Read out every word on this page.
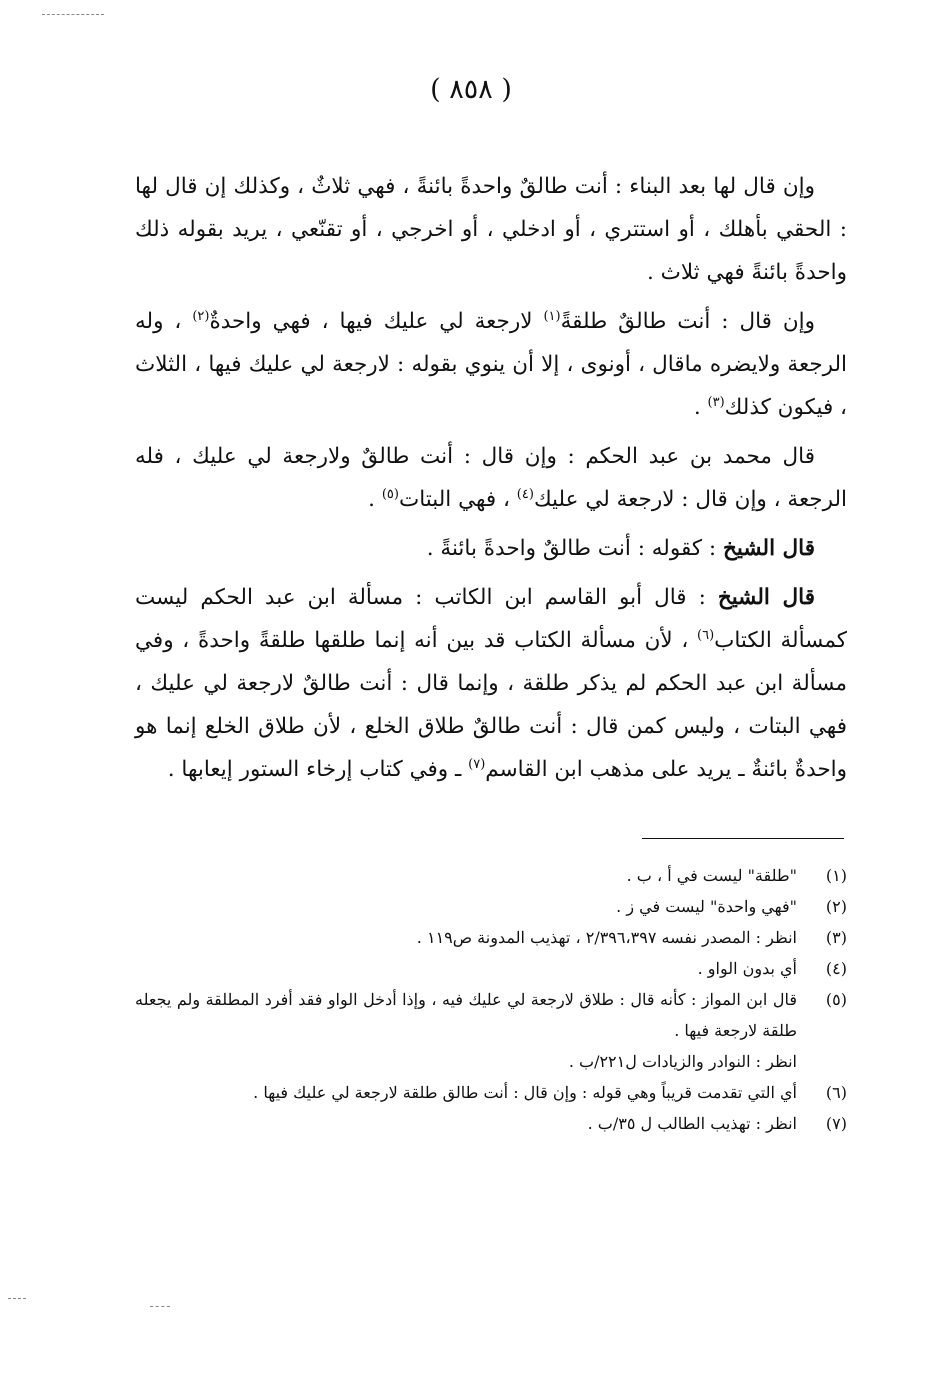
( ٨٥٨ )

وإن قال لها بعد البناء : أنت طالقٌ واحدةً بائنةً ، فهي ثلاثٌ ، وكذلك إن قال لها : الحقي بأهلك ، أو استتري ، أو ادخلي ، أو اخرجي ، أو تقنّعي ، يريد بقوله ذلك واحدةً بائنةً فهي ثلاث .

وإن قال : أنت طالقٌ طلقةً$^{(١)}$ لارجعة لي عليك فيها ، فهي واحدةٌ$^{(٢)}$ ، وله الرجعة ولايضره ماقال ، أونوى ، إلا أن ينوي بقوله : لارجعة لي عليك فيها ، الثلاث ، فيكون كذلك$^{(٣)}$ .

قال محمد بن عبد الحكم : وإن قال : أنت طالقٌ ولارجعة لي عليك ، فله الرجعة ، وإن قال : لارجعة لي عليك$^{(٤)}$ ، فهي البتات$^{(٥)}$ .

قال الشيخ : كقوله : أنت طالقٌ واحدةً بائنةً .

قال الشيخ : قال أبو القاسم ابن الكاتب : مسألة ابن عبد الحكم ليست كمسألة الكتاب$^{(٦)}$ ، لأن مسألة الكتاب قد بين أنه إنما طلقها طلقةً واحدةً ، وفي مسألة ابن عبد الحكم لم يذكر طلقة ، وإنما قال : أنت طالقٌ لارجعة لي عليك ، فهي البتات ، وليس كمن قال : أنت طالقٌ طلاق الخلع ، لأن طلاق الخلع إنما هو واحدةٌ بائنةٌ ـ يريد على مذهب ابن القاسم$^{(٧)}$ ـ وفي كتاب إرخاء الستور إيعابها .

(١)
"طلقة" ليست في أ ، ب .
(٢)
"فهي واحدة" ليست في ز .
(٣)
انظر : المصدر نفسه ٢/٣٩٦،٣٩٧ ، تهذيب المدونة ص١١٩ .
(٤)
أي بدون الواو .
(٥)
قال ابن المواز : كأنه قال : طلاق لارجعة لي عليك فيه ، وإذا أدخل الواو فقد أفرد المطلقة ولم يجعله طلقة لارجعة فيها .
انظر : النوادر والزيادات ل٢٢١/ب .
(٦)
أي التي تقدمت قريباً وهي قوله : وإن قال : أنت طالق طلقة لارجعة لي عليك فيها .
(٧)
انظر : تهذيب الطالب ل ٣٥/ب .
